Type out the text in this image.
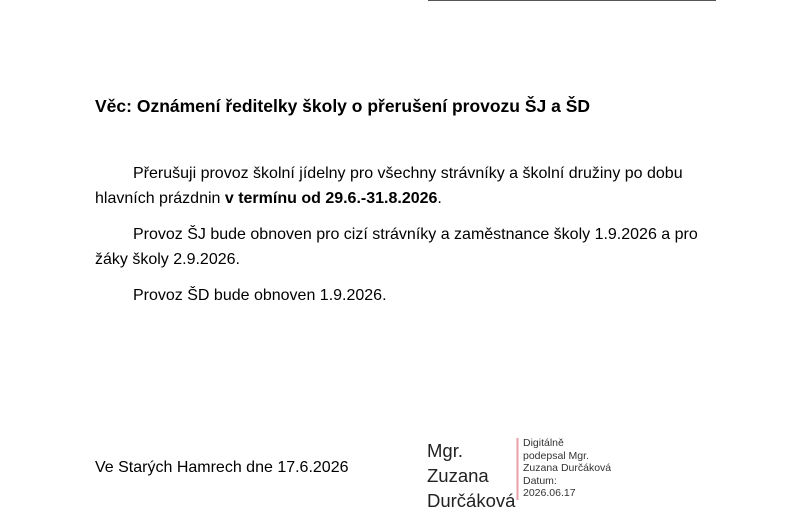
Věc: Oznámení ředitelky školy o přerušení provozu ŠJ a ŠD

Přerušuji provoz školní jídelny pro všechny strávníky a školní družiny po dobu hlavních prázdnin v termínu od 29.6.-31.8.2026.

Provoz ŠJ bude obnoven pro cizí strávníky a zaměstnance školy 1.9.2026 a pro žáky školy 2.9.2026.

Provoz ŠD bude obnoven 1.9.2026.

Ve Starých Hamrech dne 17.6.2026
Mgr.
Zuzana
Durčáková
Digitálně
podepsal Mgr.
Zuzana Durčáková
Datum:
2026.06.17
